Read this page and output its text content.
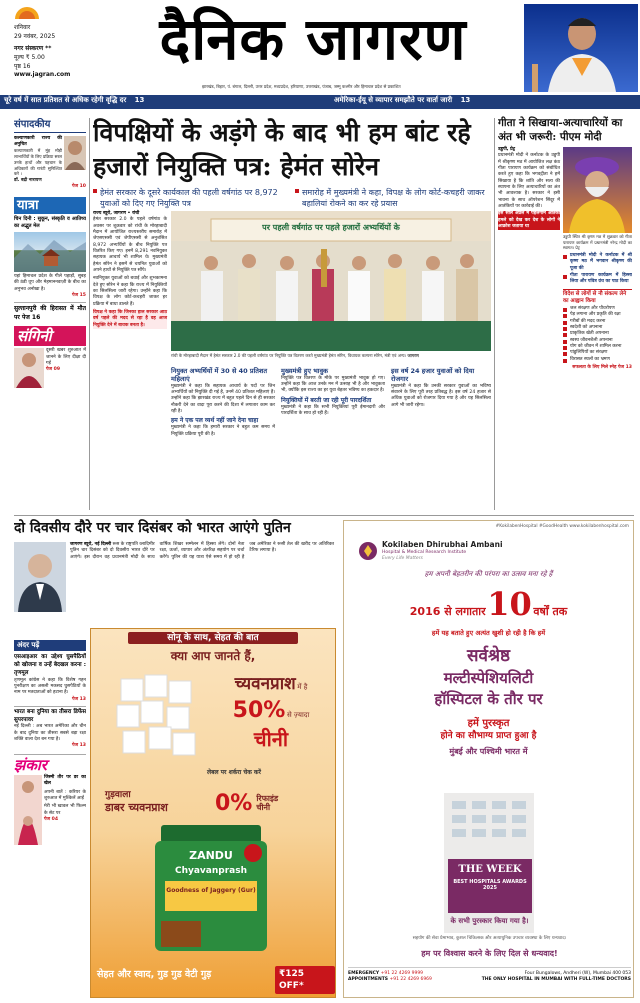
शनिवार
29 नवंबर, 2025
नगर संस्करण **
मूल्य ₹ 5.00
पृष्ठ 16
www.jagran.com
दैनिक जागरण
झारखंड, बिहार, पं. बंगाल, दिल्ली, उत्तर प्रदेश, मध्यप्रदेश, हरियाणा, उत्तराखंड, पंजाब, जम्मू कश्मीर और हिमाचल प्रदेश से प्रकाशित
चूरे वर्ष में सात प्रतिशत से अधिक रहेगी वृद्धि दर 13	अमेरिका-ईयू से व्यापार समझौते पर वार्ता जारी 13
संपादकीय
कल्याणकारी राज्य की अनुचित
कल्याणकारी में मुंह मोड़ी लाभार्थियों के लिए प्रक्रिया सरल उनके हाथों और पहचान के अधिकारों की गारंटी सुनिश्चित करे ।
डॉ. बद्री नारायण
पेज 10
यात्रा
चिन दिनी : सुकून, संस्कृति व आतिथ्य का अद्भुत मेल
यहां हिमाचल प्रदेश के गीले पहाड़ों, सुबह की ठंडी धूप और मेहमाननवाज़ी के बीच का अनुभव अनोखा है।
पेज 15
सुल्तानपुरी की हिरासत में मौत पर पेज 16
संगिनी
दूसरी खबर शुरुआत में जानने के लिए दीक्षा दी गई
पेज 09
विपक्षियों के अड़ंगे के बाद भी हम बांट रहे हजारों नियुक्ति पत्र: हेमंत सोरेन
हेमंत सरकार के दूसरे कार्यकाल की पहली वर्षगांठ पर 8,972 युवाओं को दिए गए नियुक्ति पत्र
समारोह में मुख्यमंत्री ने कहा, विपक्ष के लोग कोर्ट-कचहरी जाकर बहालियां रोकने का कर रहे प्रयास
राज्य ब्यूरो, जागरण • रांची
हेमंत सरकार 2.0 के पहले वर्षगांठ के अवसर पर शुक्रवार को रांची के मोरहाबादी मैदान में आयोजित राज्यस्तरीय समारोह में जेएसएससी एवं जेपीएससी से अनुशंसित 8,972 अभ्यर्थियों के बीच नियुक्ति पत्र वितरित किए गए। इनमें 8,291 नवनियुक्त सहायक आचार्य भी शामिल थे। मुख्यमंत्री हेमंत सोरेन ने इसमें से चयनित युवाओं को अपने हाथों से नियुक्ति पत्र सौंपे।
नवनियुक्त युवाओं को बधाई और शुभकामना देते हुए सोरेन ने कहा कि राज्य में नियुक्तियों का सिलसिला जारी रहेगा। उन्होंने कहा कि विपक्ष के लोग कोर्ट-कचहरी जाकर हर प्रक्रिया में बाधा डालते हैं।
विपक्ष ने कहा कि जिनका हाल सरकार आठ वर्ष पहले की मदद से रहा है वह आज नियुक्ति देने में बाधक बनता है।
पर पहली वर्षगांठ पर पहले हजारों अभ्यर्थियों के
रांची के मोरहाबादी मैदान में हेमंत सरकार 2.0 की पहली वर्षगांठ पर नियुक्ति पत्र वितरण करते मुख्यमंत्री हेमंत सोरेन, विधायक कल्पना सोरेन, मंत्री एवं अन्य। जागरण
नियुक्त अभ्यर्थियों में 30 से 40 प्रतिशत महिलाएं
मुख्यमंत्री ने कहा कि सहायक आचार्य के पदों पर जिन अभ्यर्थियों को नियुक्ति दी गई है, उनमें 40 प्रतिशत महिलाएं हैं। उन्होंने कहा कि झारखंड राज्य में बहुत पहले दिन से ही सरकार नौकरी देने का वादा पूरा करने की दिशा में लगातार काम कर रही है।
हम ने एक पल व्यर्थ नहीं जाने देना चाहा
मुख्यमंत्री ने कहा कि हमारी सरकार ने बहुत कम समय में नियुक्ति प्रक्रिया पूरी की है।
मुख्यमंत्री हुए भावुक
नियुक्ति पत्र वितरण के मौके पर मुख्यमंत्री भावुक हो गए। उन्होंने कहा कि आज उनके मन में उत्साह भी है और भावुकता भी, क्योंकि इस राज्य का हर युवा बेहतर भविष्य का हकदार है।
नियुक्तियों में बरती जा रही पूरी पारदर्शिता
मुख्यमंत्री ने कहा कि सभी नियुक्तियां पूरी ईमानदारी और पारदर्शिता के साथ हो रही हैं।
इस वर्ष 24 हजार युवाओं को दिया रोजगार
मुख्यमंत्री ने कहा कि उनकी सरकार युवाओं का भविष्य संवारने के लिए पूरी तरह प्रतिबद्ध है। इस वर्ष 24 हजार से अधिक युवाओं को रोजगार दिया गया है और यह सिलसिला आगे भी जारी रहेगा।
गीता ने सिखाया-अत्याचारियों का अंत भी जरूरी: पीएम मोदी
उडुपी, प्रेट्र
प्रधानमंत्री मोदी ने कर्नाटक के उडुपी में श्रीकृष्ण मठ में आयोजित लक्ष कंठ गीता पारायण कार्यक्रम को संबोधित करते हुए कहा कि भगवद्गीता ने हमें सिखाया है कि शांति और सत्य की स्थापना के लिए अत्याचारियों का अंत भी आवश्यक है। सरकार ने इसी भावना के साथ ऑपरेशन सिंदूर में आतंकियों पर कार्रवाई की।
इस साल अप्रैल में पहलगाम आतंकी हमले को देख कर देश के लोगों ने आक्रोश जताया था
उडुपी स्थित श्री कृष्ण मठ में शुक्रवार को गीता पारायण कार्यक्रम में प्रधानमंत्री नरेन्द्र मोदी का स्वागत। प्रेट्र
प्रधानमंत्री मोदी ने कर्नाटक में श्री कृष्ण मठ में भगवान श्रीकृष्ण की पूजा की
गीता पारायण कार्यक्रम में हिस्सा लिया और पवित्र ग्रंथ का पाठ किया
विदेश से लोगों से नौ संकल्प लेने का आह्वान किया
जल संरक्षण और पौधरोपण
पेड़ लगाना और प्रकृति की रक्षा
गरीबों की मदद करना
स्वदेशी को अपनाना
प्राकृतिक खेती अपनाना
स्वस्थ जीवनशैली अपनाना
योग को जीवन में शामिल करना
पांडुलिपियों का संरक्षण
विरासत स्थलों का भ्रमण
सफलता के लिए मिले स्नेह पेज 13
दो दिवसीय दौरे पर चार दिसंबर को भारत आएंगे पुतिन
जागरण ब्यूरो, नई दिल्ली रूस के राष्ट्रपति व्लादिमीर पुतिन चार दिसंबर को दो दिवसीय भारत दौरे पर आएंगे। इस दौरान वह प्रधानमंत्री मोदी के साथ वार्षिक शिखर सम्मेलन में हिस्सा लेंगे। दोनों नेता रक्षा, ऊर्जा, व्यापार और अंतरिक्ष सहयोग पर चर्चा करेंगे। पुतिन की यह यात्रा ऐसे समय में हो रही है जब अमेरिका ने रूसी तेल की खरीद पर अतिरिक्त टैरिफ लगाया है।
अंदर पढ़ें
एसआइआर का उद्देश्य घुसपैठियों को खोजना व उन्हें बेदखल करना : तृणमूल
तृणमूल कांग्रेस ने कहा कि विशेष गहन पुनरीक्षण का असली मकसद घुसपैठियों के नाम पर मतदाताओं को हटाना है।
पेज 13
भारत बना दुनिया का तीसरा डिफेंस सुपरपावर
नई दिल्ली : अब भारत अमेरिका और चीन के बाद दुनिया का तीसरा सबसे बड़ा रक्षा शक्ति वाला देश बन गया है।
पेज 13
झंकार
जिस्मी तौर पर डर का खेल
अपनी बातें : करियर के शुरुआत में मुश्किलें आईं
मेरी भी खावल भी फिल्म के सेट पर
पेज 04
सोनू के साथ, सेहत की बात
क्या आप जानते हैं,
च्यवनप्राश में है
50% से ज़्यादा
चीनी
लेबल पर शर्करा चेक करें
गुड़वाला
डाबर च्यवनप्राश 0% रिफाइंड
चीनी
ZANDU
Chyavanprash
Goodness of Jaggery (Gur)
सेहत और स्वाद, गुड गुड वेटी गुड़	₹125 OFF*
#KokilabenHospital #GoodHealth www.kokilabenhospital.com
Kokilaben Dhirubhai Ambani
Hospital & Medical Research Institute
Every Life Matters
हम अपनी बेहतरीन की परंपरा का उत्सव मना रहे हैं
2016 से लगातार 10 वर्षों तक
हमें यह बताते हुए अत्यंत खुशी हो रही है कि हमें
सर्वश्रेष्ठ
मल्टीस्पेशियलिटी
हॉस्पिटल के तौर पर
हमें पुरस्कृत
होने का सौभाग्य प्राप्त हुआ है
मुंबई और पश्चिमी भारत में
THE WEEK
BEST HOSPITALS AWARDS 2025
के सभी पुरस्कार किया गया है।
सहयोग की सेवा प्रेमाभाव, कुशल चिकित्सक और अत्याधुनिक उपचार व्यवस्था के लिए धन्यवाद।
हम पर विश्वास करने के लिए दिल से धन्यवाद!
EMERGENCY +91 22 4269 9999
APPOINTMENTS +91 22 4269 6969
Four Bungalows, Andheri (W), Mumbai 400 053
THE ONLY HOSPITAL IN MUMBAI WITH FULL-TIME DOCTORS
